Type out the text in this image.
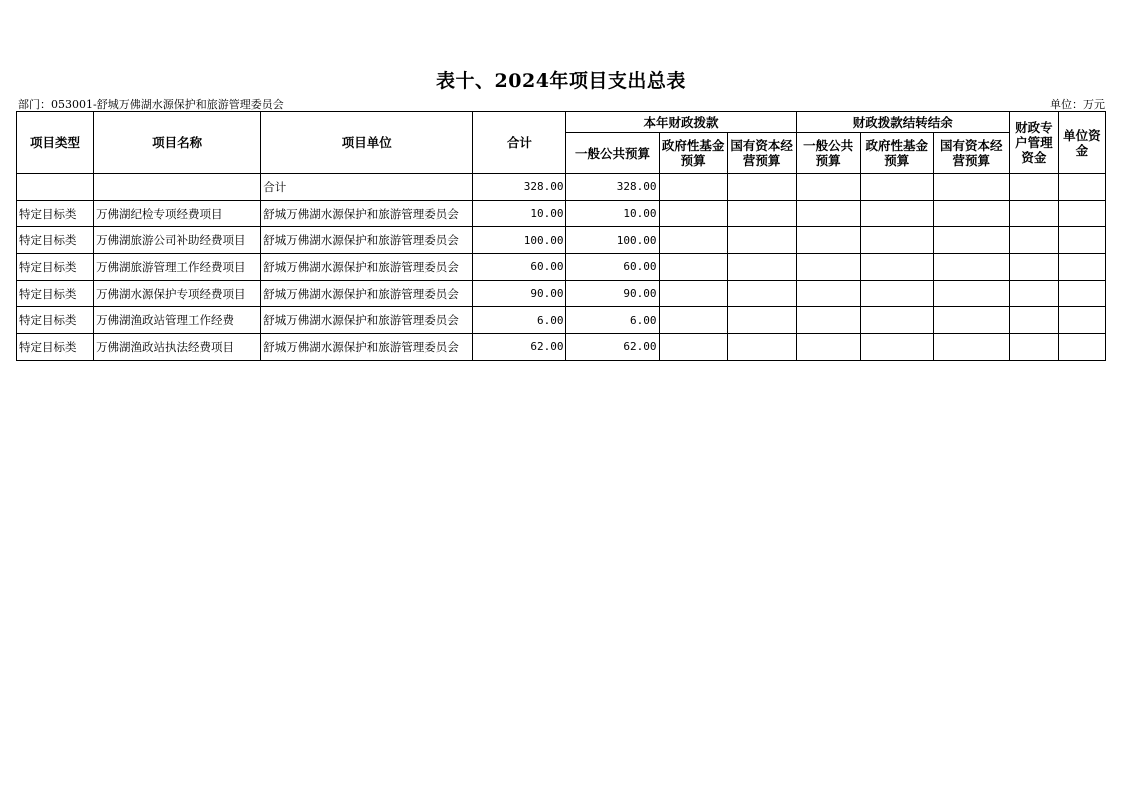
表十、2024年项目支出总表
部门：053001-舒城万佛湖水源保护和旅游管理委员会	单位：万元
项目类型	项目名称	项目单位	合计	本年财政拨款			财政拨款结转结余			财政专户管理资金	单位资金
				一般公共预算	政府性基金预算	国有资本经营预算	一般公共预算	政府性基金预算	国有资本经营预算		
		合计	328.00	328.00							
特定目标类	万佛湖纪检专项经费项目	舒城万佛湖水源保护和旅游管理委员会	10.00	10.00							
特定目标类	万佛湖旅游公司补助经费项目	舒城万佛湖水源保护和旅游管理委员会	100.00	100.00							
特定目标类	万佛湖旅游管理工作经费项目	舒城万佛湖水源保护和旅游管理委员会	60.00	60.00							
特定目标类	万佛湖水源保护专项经费项目	舒城万佛湖水源保护和旅游管理委员会	90.00	90.00							
特定目标类	万佛湖渔政站管理工作经费	舒城万佛湖水源保护和旅游管理委员会	6.00	6.00							
特定目标类	万佛湖渔政站执法经费项目	舒城万佛湖水源保护和旅游管理委员会	62.00	62.00							
